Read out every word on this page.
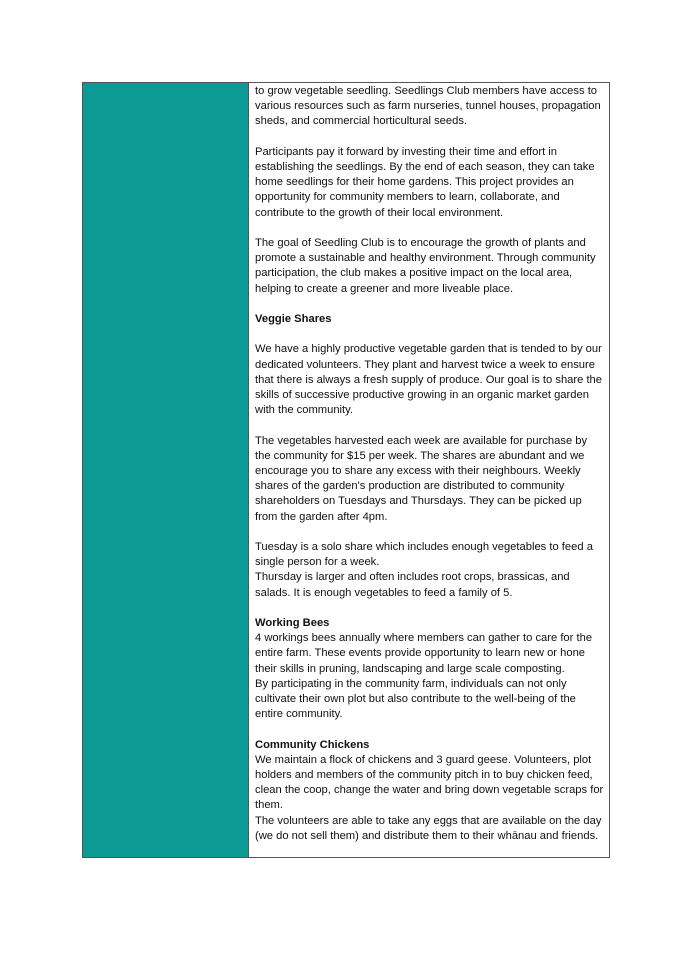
to grow vegetable seedling. Seedlings Club members have access to various resources such as farm nurseries, tunnel houses, propagation sheds, and commercial horticultural seeds.

Participants pay it forward by investing their time and effort in establishing the seedlings. By the end of each season, they can take home seedlings for their home gardens. This project provides an opportunity for community members to learn, collaborate, and contribute to the growth of their local environment.

The goal of Seedling Club is to encourage the growth of plants and promote a sustainable and healthy environment. Through community participation, the club makes a positive impact on the local area, helping to create a greener and more liveable place.

Veggie Shares

We have a highly productive vegetable garden that is tended to by our dedicated volunteers. They plant and harvest twice a week to ensure that there is always a fresh supply of produce. Our goal is to share the skills of successive productive growing in an organic market garden with the community.

The vegetables harvested each week are available for purchase by the community for $15 per week. The shares are abundant and we encourage you to share any excess with their neighbours. Weekly shares of the garden's production are distributed to community shareholders on Tuesdays and Thursdays. They can be picked up from the garden after 4pm.

Tuesday is a solo share which includes enough vegetables to feed a single person for a week.

Thursday is larger and often includes root crops, brassicas, and salads. It is enough vegetables to feed a family of 5.

Working Bees

4 workings bees annually where members can gather to care for the entire farm. These events provide opportunity to learn new or hone their skills in pruning, landscaping and large scale composting.

By participating in the community farm, individuals can not only cultivate their own plot but also contribute to the well-being of the entire community.

Community Chickens

We maintain a flock of chickens and 3 guard geese. Volunteers, plot holders and members of the community pitch in to buy chicken feed, clean the coop, change the water and bring down vegetable scraps for them.

The volunteers are able to take any eggs that are available on the day (we do not sell them) and distribute them to their whānau and friends.
